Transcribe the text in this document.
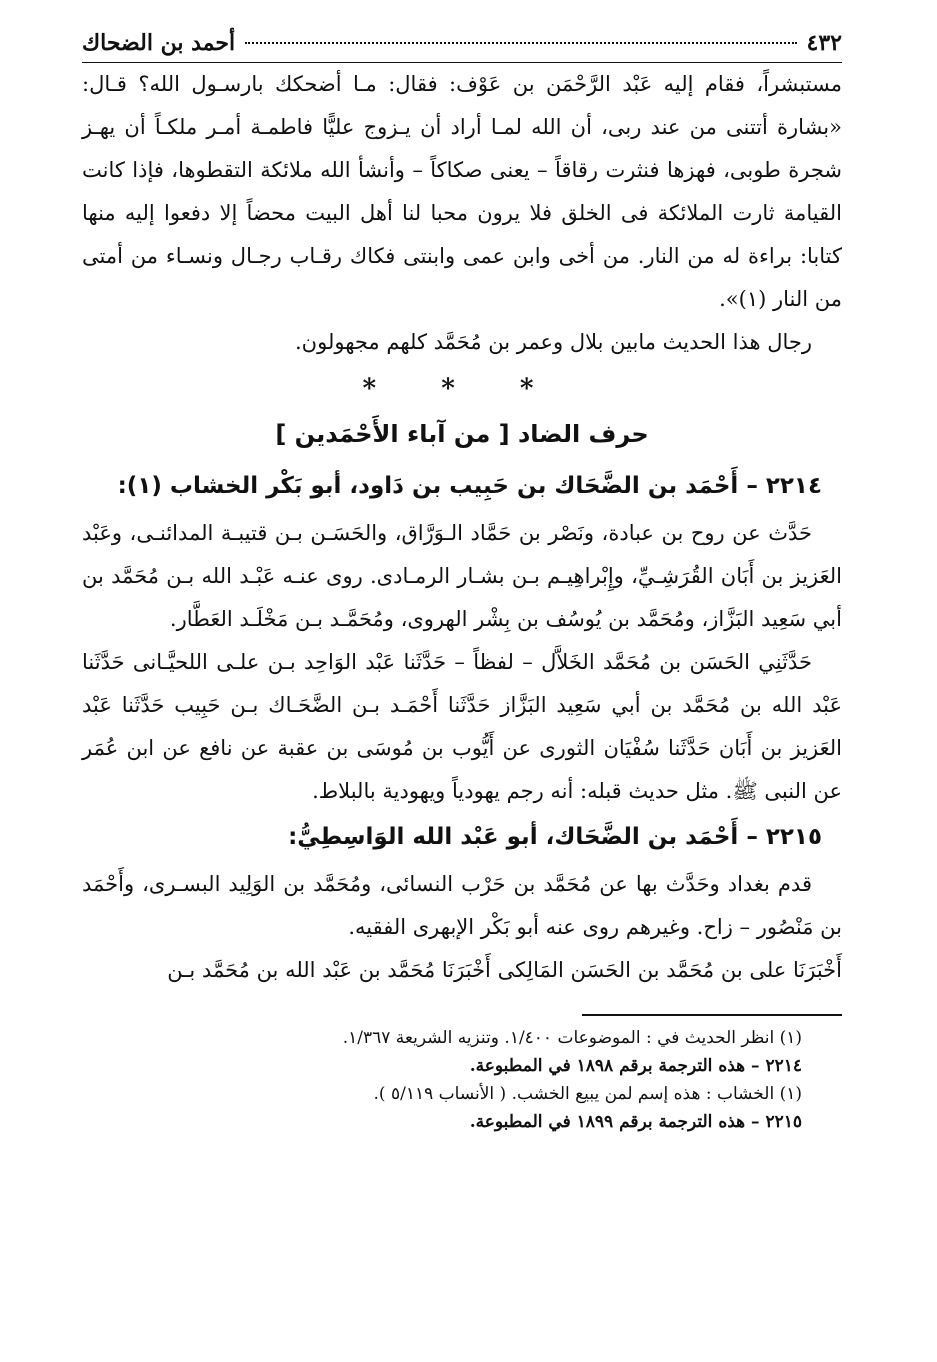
٤٣٢
أحمد بن الضحاك

مستبشراً، فقام إليه عَبْد الرَّحْمَن بن عَوْف: فقال: مـا أضحكك بارسـول الله؟ قـال: «بشارة أتتنى من عند ربى، أن الله لمـا أراد أن يـزوج عليًّا فاطمـة أمـر ملكـاً أن يهـز شجرة طوبى، فهزها فنثرت رقاقاً – يعنى صكاكاً – وأنشأ الله ملائكة التقطوها، فإذا كانت القيامة ثارت الملائكة فى الخلق فلا يرون محبا لنا أهل البيت محضاً إلا دفعوا إليه منها كتابا: براءة له من النار. من أخى وابن عمى وابنتى فكاك رقـاب رجـال ونسـاء من أمتى من النار (١)».

رجال هذا الحديث مابين بلال وعمر بن مُحَمَّد كلهم مجهولون.

* * *
حرف الضاد [ من آباء الأَحْمَدين ]
٢٢١٤ – أَحْمَد بن الضَّحَاك بن حَبِيب بن دَاود، أبو بَكْر الخشاب (١):

حَدَّث عن روح بن عبادة، ونَصْر بن حَمَّاد الـوَرَّاق، والحَسَـن بـن قتيبـة المدائنـى، وعَبْد العَزيز بن أَبَان القُرَشِـيِّ، وإِبْراهِيـم بـن بشـار الرمـادى. روى عنـه عَبْـد الله بـن مُحَمَّد بن أبي سَعِيد البَزَّاز، ومُحَمَّد بن يُوسُف بن بِشْر الهروى، ومُحَمَّـد بـن مَخْلَـد العَطَّار.

حَدَّثَنِي الحَسَن بن مُحَمَّد الخَلاَّل – لفظاً – حَدَّثَنا عَبْد الوَاحِد بـن علـى اللحيَّـانى حَدَّثَنا عَبْد الله بن مُحَمَّد بن أبي سَعِيد البَزَّاز حَدَّثَنا أَحْمَـد بـن الضَّحَـاك بـن حَبِيب حَدَّثَنا عَبْد العَزيز بن أَبَان حَدَّثَنا سُفْيَان الثورى عن أَيُّوب بن مُوسَى بن عقبة عن نافع عن ابن عُمَر عن النبى ﷺ. مثل حديث قبله: أنه رجم يهودياً ويهودية بالبلاط.

٢٢١٥ – أَحْمَد بن الضَّحَاك، أبو عَبْد الله الوَاسِطِيُّ:

قدم بغداد وحَدَّث بها عن مُحَمَّد بن حَرْب النسائى، ومُحَمَّد بن الوَلِيد البسـرى، وأَحْمَد بن مَنْصُور – زاح. وغيرهم روى عنه أبو بَكْر الإبهرى الفقيه.

أَخْبَرَنَا على بن مُحَمَّد بن الحَسَن المَالِكى أَخْبَرَنَا مُحَمَّد بن عَبْد الله بن مُحَمَّد بـن

(١) انظر الحديث في : الموضوعات ١/٤٠٠. وتنزيه الشريعة ١/٣٦٧.

٢٢١٤ – هذه الترجمة برقم ١٨٩٨ في المطبوعة.

(١) الخشاب : هذه إسم لمن يبيع الخشب. ( الأنساب ٥/١١٩ ).

٢٢١٥ – هذه الترجمة برقم ١٨٩٩ في المطبوعة.
